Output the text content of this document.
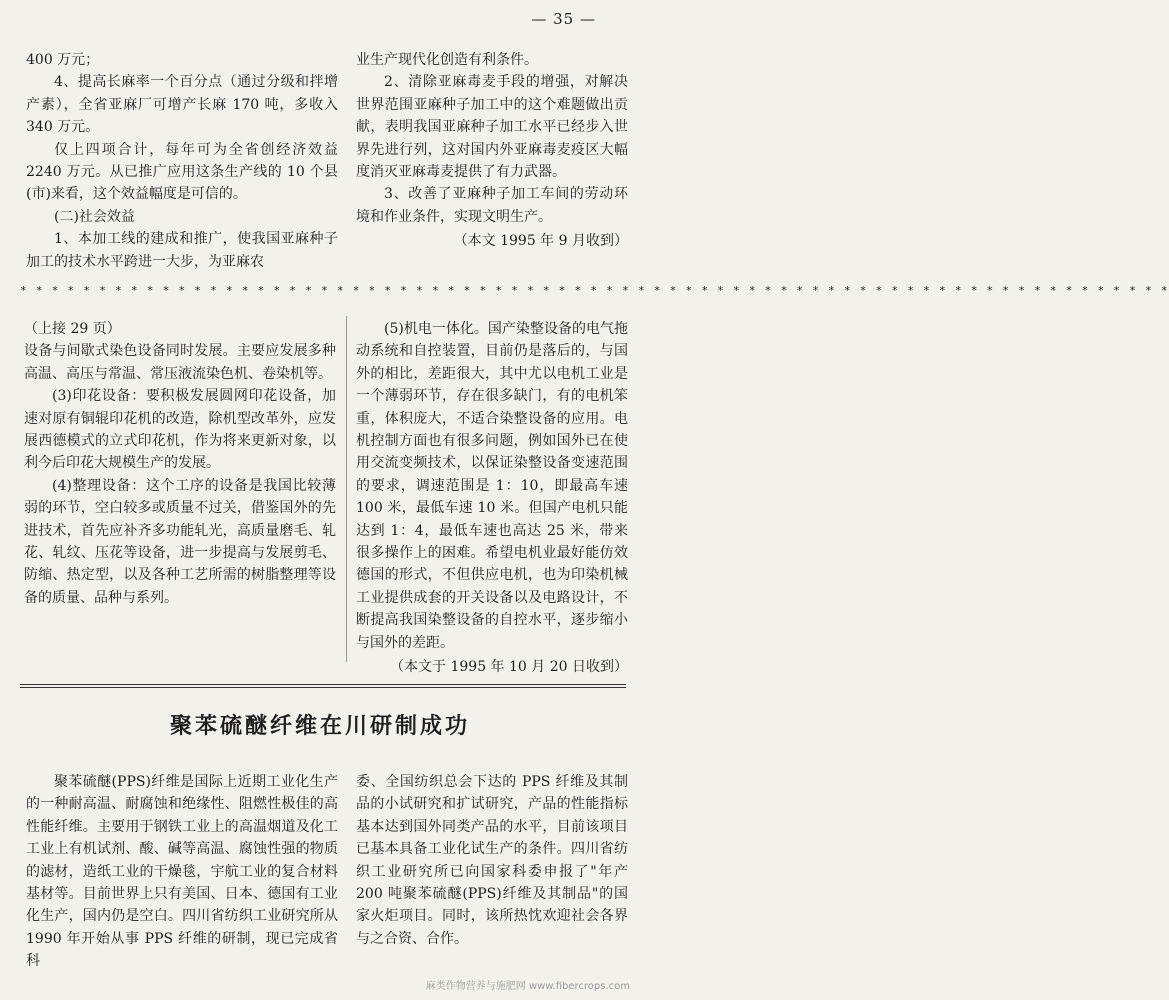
— 35 —

400 万元；

4、提高长麻率一个百分点（通过分级和拌增产素），全省亚麻厂可增产长麻 170 吨，多收入 340 万元。

仅上四项合计，每年可为全省创经济效益 2240 万元。从已推广应用这条生产线的 10 个县(市)来看，这个效益幅度是可信的。

(二)社会效益

1、本加工线的建成和推广，使我国亚麻种子加工的技术水平跨进一大步，为亚麻农

业生产现代化创造有利条件。

2、清除亚麻毒麦手段的增强，对解决世界范围亚麻种子加工中的这个难题做出贡献，表明我国亚麻种子加工水平已经步入世界先进行列，这对国内外亚麻毒麦疫区大幅度消灭亚麻毒麦提供了有力武器。

3、改善了亚麻种子加工车间的劳动环境和作业条件，实现文明生产。

（本文 1995 年 9 月收到）

* * * * * * * * * * * * * * * * * * * * * * * * * * * * * * * * * * * * * * * * * * * * * * * * * * * * * * * * * * * * * * * * * * * * * * * * *

（上接 29 页）

设备与间歇式染色设备同时发展。主要应发展多种高温、高压与常温、常压液流染色机、卷染机等。

(3)印花设备：要积极发展圆网印花设备，加速对原有铜辊印花机的改造，除机型改革外，应发展西德模式的立式印花机，作为将来更新对象，以利今后印花大规模生产的发展。

(4)整理设备：这个工序的设备是我国比较薄弱的环节，空白较多或质量不过关，借鉴国外的先进技术，首先应补齐多功能轧光，高质量磨毛、轧花、轧纹、压花等设备，进一步提高与发展剪毛、防缩、热定型，以及各种工艺所需的树脂整理等设备的质量、品种与系列。

(5)机电一体化。国产染整设备的电气拖动系统和自控装置，目前仍是落后的，与国外的相比，差距很大，其中尤以电机工业是一个薄弱环节，存在很多缺门，有的电机笨重，体积庞大，不适合染整设备的应用。电机控制方面也有很多问题，例如国外已在使用交流变频技术，以保证染整设备变速范围的要求，调速范围是 1：10，即最高车速 100 米，最低车速 10 米。但国产电机只能达到 1：4，最低车速也高达 25 米，带来很多操作上的困难。希望电机业最好能仿效德国的形式，不但供应电机，也为印染机械工业提供成套的开关设备以及电路设计，不断提高我国染整设备的自控水平，逐步缩小与国外的差距。

（本文于 1995 年 10 月 20 日收到）

聚苯硫醚纤维在川研制成功

聚苯硫醚(PPS)纤维是国际上近期工业化生产的一种耐高温、耐腐蚀和绝缘性、阻燃性极佳的高性能纤维。主要用于钢铁工业上的高温烟道及化工工业上有机试剂、酸、碱等高温、腐蚀性强的物质的滤材，造纸工业的干燥毯，宇航工业的复合材料基材等。目前世界上只有美国、日本、德国有工业化生产，国内仍是空白。四川省纺织工业研究所从 1990 年开始从事 PPS 纤维的研制，现已完成省科

委、全国纺织总会下达的 PPS 纤维及其制品的小试研究和扩试研究，产品的性能指标基本达到国外同类产品的水平，目前该项目已基本具备工业化试生产的条件。四川省纺织工业研究所已向国家科委申报了"年产 200 吨聚苯硫醚(PPS)纤维及其制品"的国家火炬项目。同时，该所热忱欢迎社会各界与之合资、合作。

麻类作物营养与施肥网 www.fibercrops.com
